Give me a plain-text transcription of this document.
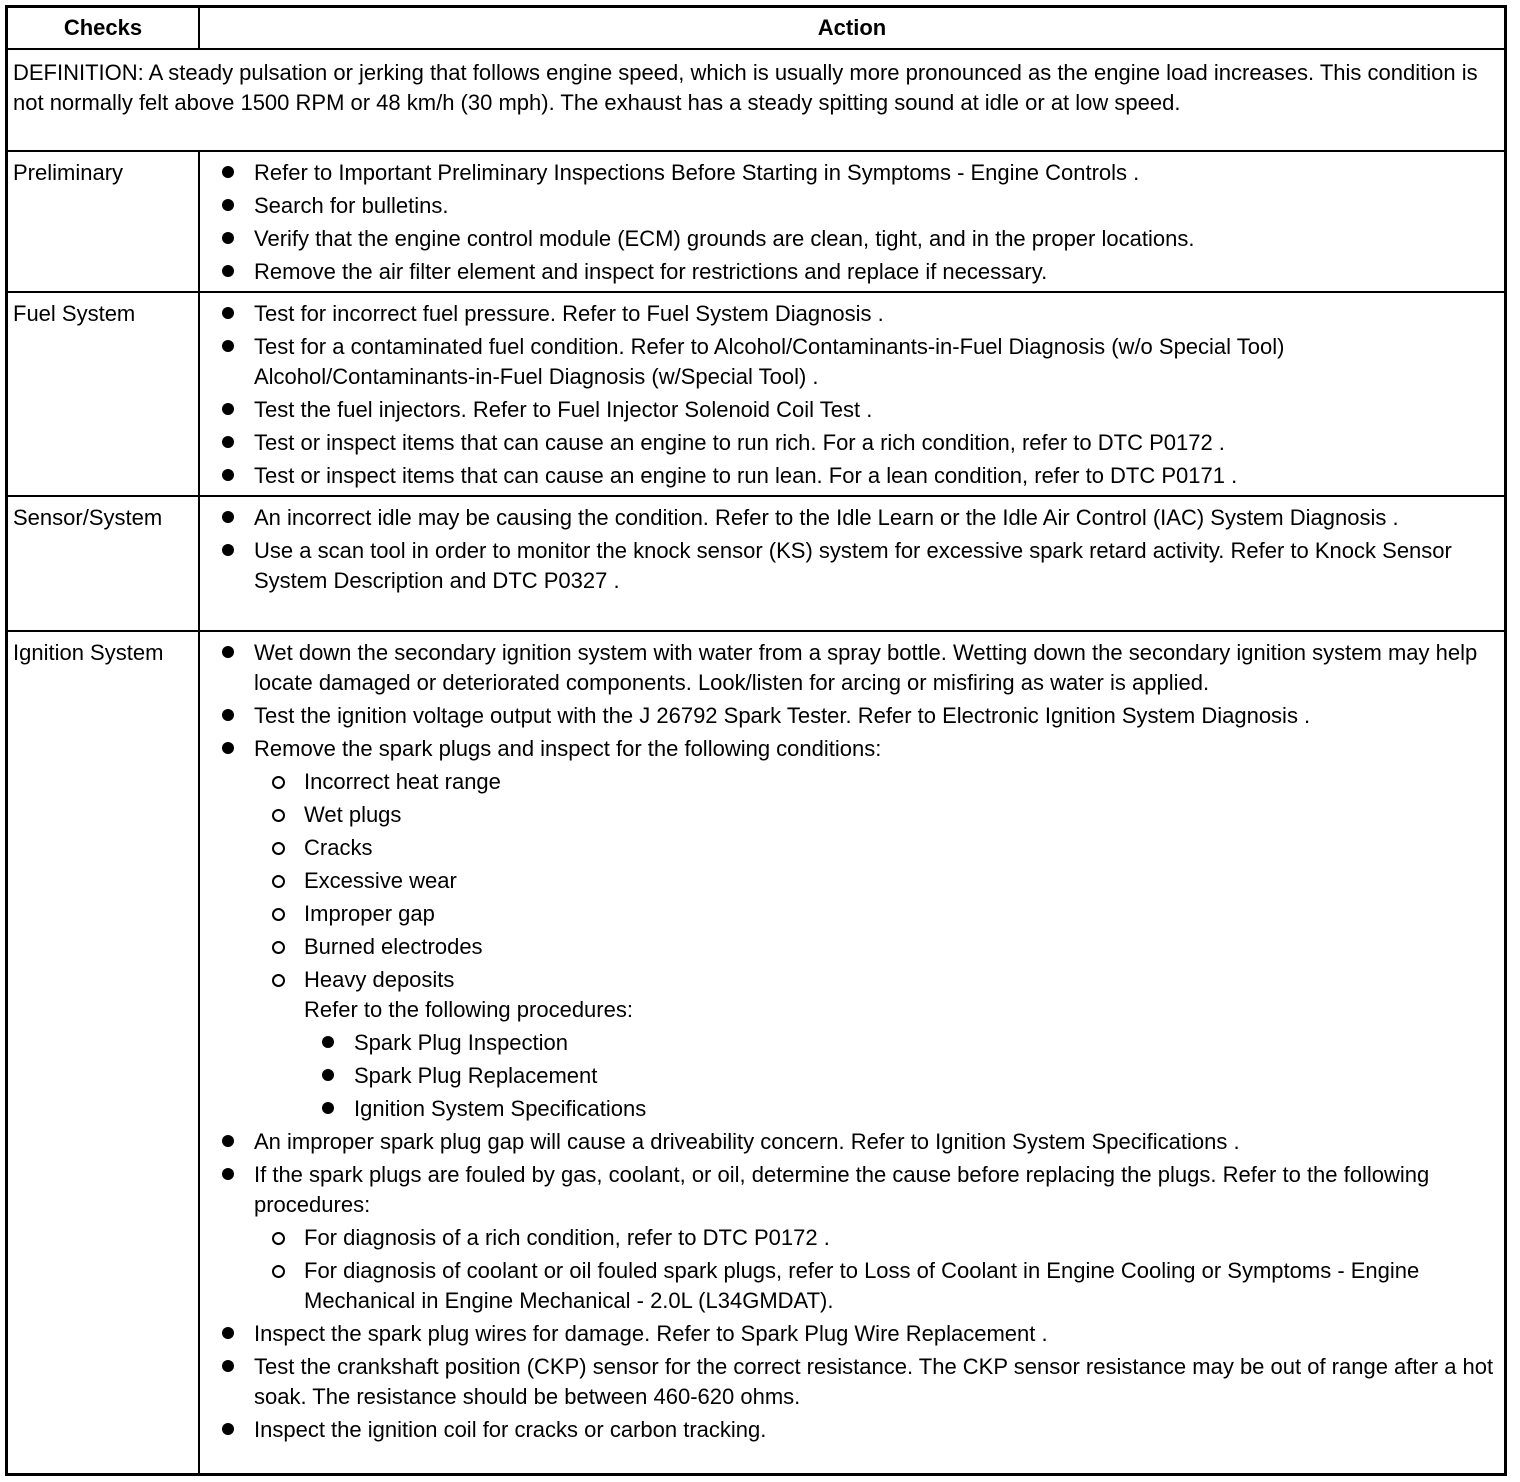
Checks	Action
DEFINITION: A steady pulsation or jerking that follows engine speed, which is usually more pronounced as the engine load increases. This condition is not normally felt above 1500 RPM or 48 km/h (30 mph). The exhaust has a steady spitting sound at idle or at low speed.
Preliminary	Refer to Important Preliminary Inspections Before Starting in Symptoms - Engine Controls .
Search for bulletins.
Verify that the engine control module (ECM) grounds are clean, tight, and in the proper locations.
Remove the air filter element and inspect for restrictions and replace if necessary.
Fuel System	Test for incorrect fuel pressure. Refer to Fuel System Diagnosis .
Test for a contaminated fuel condition. Refer to Alcohol/Contaminants-in-Fuel Diagnosis (w/o Special Tool) Alcohol/Contaminants-in-Fuel Diagnosis (w/Special Tool) .
Test the fuel injectors. Refer to Fuel Injector Solenoid Coil Test .
Test or inspect items that can cause an engine to run rich. For a rich condition, refer to DTC P0172 .
Test or inspect items that can cause an engine to run lean. For a lean condition, refer to DTC P0171 .
Sensor/System	An incorrect idle may be causing the condition. Refer to the Idle Learn or the Idle Air Control (IAC) System Diagnosis .
Use a scan tool in order to monitor the knock sensor (KS) system for excessive spark retard activity. Refer to Knock Sensor System Description and DTC P0327 .
Ignition System	Wet down the secondary ignition system with water from a spray bottle. Wetting down the secondary ignition system may help locate damaged or deteriorated components. Look/listen for arcing or misfiring as water is applied.
Test the ignition voltage output with the J 26792 Spark Tester. Refer to Electronic Ignition System Diagnosis .
Remove the spark plugs and inspect for the following conditions:
Incorrect heat range
Wet plugs
Cracks
Excessive wear
Improper gap
Burned electrodes
Heavy deposits
Refer to the following procedures:
Spark Plug Inspection
Spark Plug Replacement
Ignition System Specifications
An improper spark plug gap will cause a driveability concern. Refer to Ignition System Specifications .
If the spark plugs are fouled by gas, coolant, or oil, determine the cause before replacing the plugs. Refer to the following procedures:
For diagnosis of a rich condition, refer to DTC P0172 .
For diagnosis of coolant or oil fouled spark plugs, refer to Loss of Coolant in Engine Cooling or Symptoms - Engine Mechanical in Engine Mechanical - 2.0L (L34GMDAT).
Inspect the spark plug wires for damage. Refer to Spark Plug Wire Replacement .
Test the crankshaft position (CKP) sensor for the correct resistance. The CKP sensor resistance may be out of range after a hot soak. The resistance should be between 460-620 ohms.
Inspect the ignition coil for cracks or carbon tracking.
